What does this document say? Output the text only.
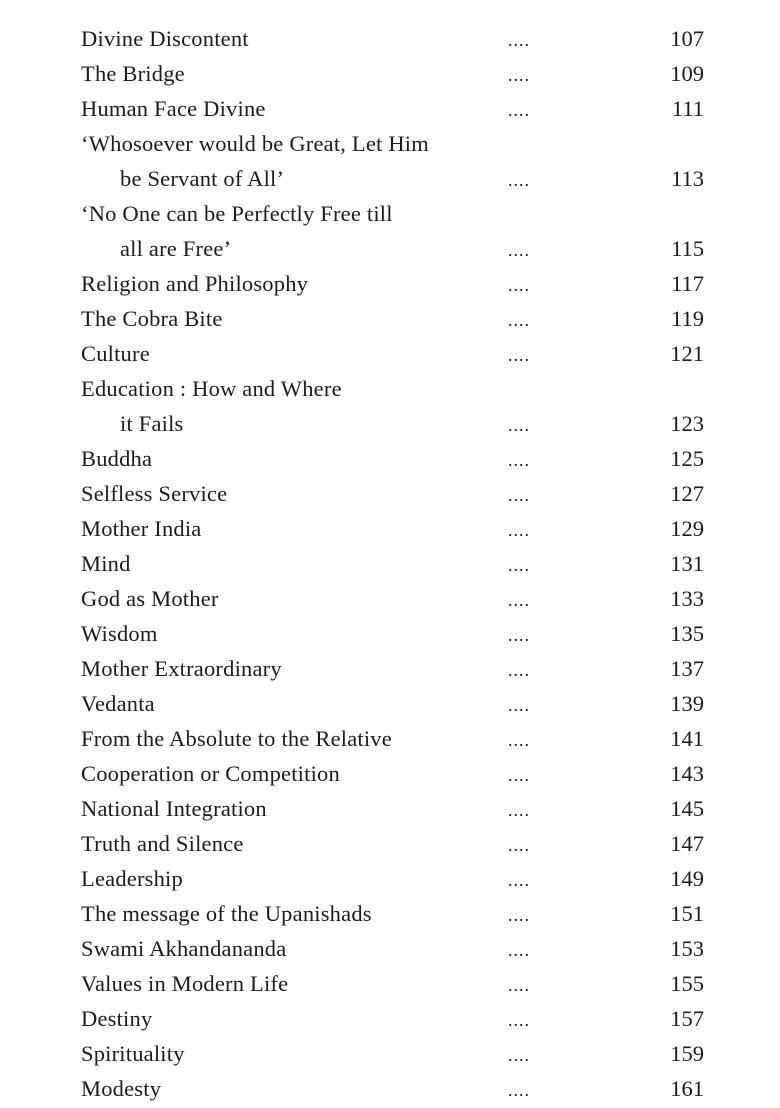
Divine Discontent	....	107
The Bridge	....	109
Human Face Divine	....	111
‘Whosoever would be Great, Let Him
be Servant of All’	....	113
‘No One can be Perfectly Free till
all are Free’	....	115
Religion and Philosophy	....	117
The Cobra Bite	....	119
Culture	....	121
Education : How and Where
it Fails	....	123
Buddha	....	125
Selfless Service	....	127
Mother India	....	129
Mind	....	131
God as Mother	....	133
Wisdom	....	135
Mother Extraordinary	....	137
Vedanta	....	139
From the Absolute to the Relative	....	141
Cooperation or Competition	....	143
National Integration	....	145
Truth and Silence	....	147
Leadership	....	149
The message of the Upanishads	....	151
Swami Akhandananda	....	153
Values in Modern Life	....	155
Destiny	....	157
Spirituality	....	159
Modesty	....	161
